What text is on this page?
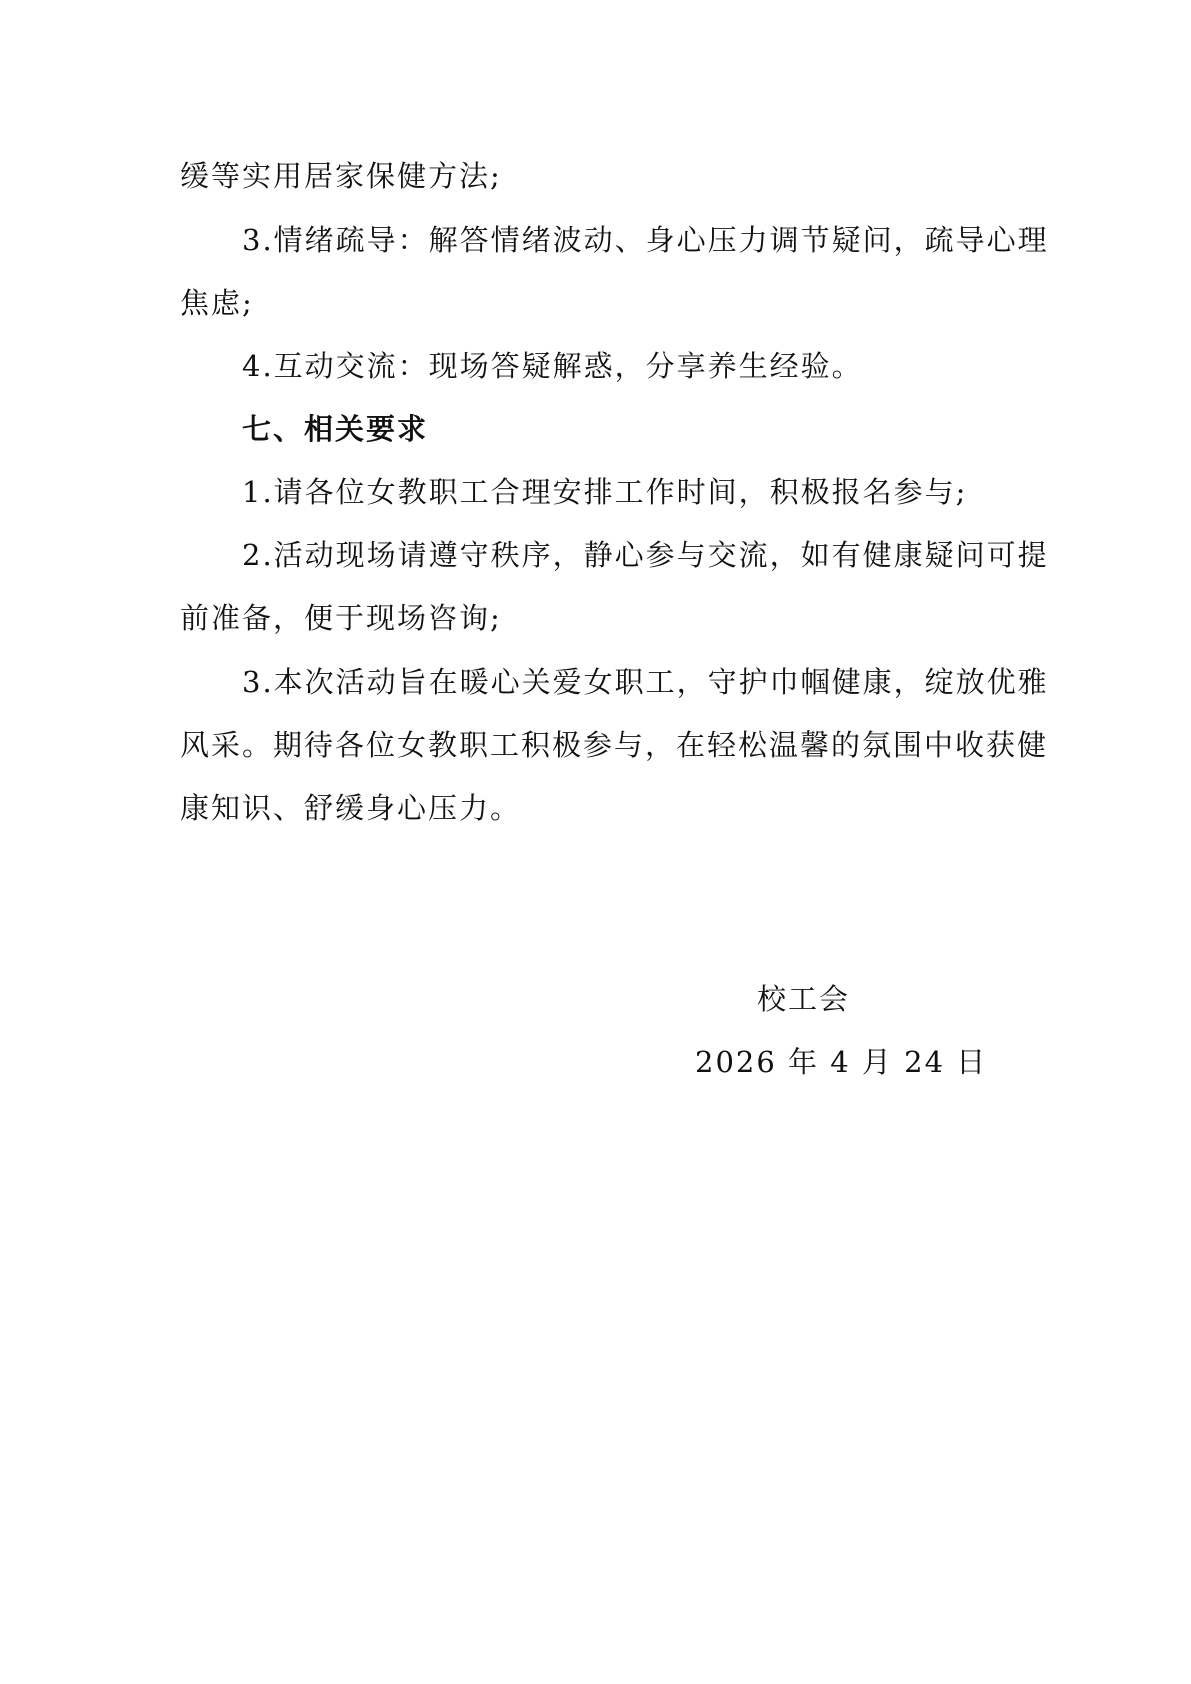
缓等实用居家保健方法;
3.情绪疏导：解答情绪波动、身心压力调节疑问，疏导心理
焦虑;
4.互动交流：现场答疑解惑，分享养生经验。
七、相关要求
1.请各位女教职工合理安排工作时间，积极报名参与;
2.活动现场请遵守秩序，静心参与交流，如有健康疑问可提
前准备，便于现场咨询;
3.本次活动旨在暖心关爱女职工，守护巾帼健康，绽放优雅
风采。期待各位女教职工积极参与，在轻松温馨的氛围中收获健
康知识、舒缓身心压力。
校工会
2026 年 4 月 24 日
